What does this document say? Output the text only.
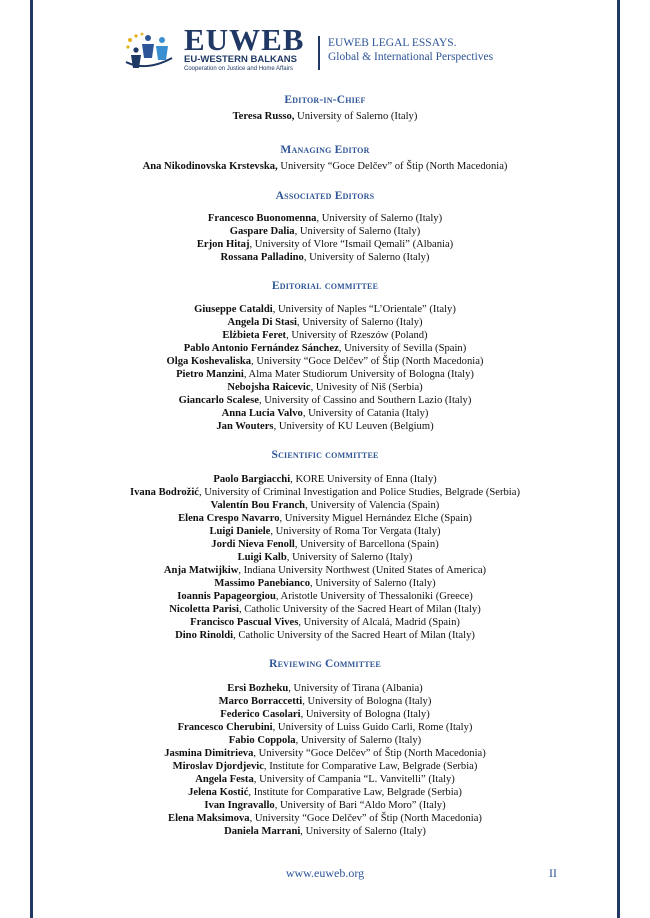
EUWEB
EU-WESTERN BALKANS
Cooperation on Justice and Home Affairs
EUWEB LEGAL ESSAYS.
Global & International Perspectives
Editor-in-Chief
Teresa Russo, University of Salerno (Italy)
Managing Editor
Ana Nikodinovska Krstevska, University “Goce Delčev” of Štip (North Macedonia)
Associated Editors
Francesco Buonomenna, University of Salerno (Italy)
Gaspare Dalia, University of Salerno (Italy)
Erjon Hitaj, University of Vlore “Ismail Qemali” (Albania)
Rossana Palladino, University of Salerno (Italy)
Editorial committee
Giuseppe Cataldi, University of Naples “L’Orientale” (Italy)
Angela Di Stasi, University of Salerno (Italy)
Elżbieta Feret, University of Rzeszów (Poland)
Pablo Antonio Fernández Sánchez, University of Sevilla (Spain)
Olga Koshevaliska, University “Goce Delčev” of Štip (North Macedonia)
Pietro Manzini, Alma Mater Studiorum University of Bologna (Italy)
Nebojsha Raicevic, Univesity of Niš (Serbia)
Giancarlo Scalese, University of Cassino and Southern Lazio (Italy)
Anna Lucia Valvo, University of Catania (Italy)
Jan Wouters, University of KU Leuven (Belgium)
Scientific committee
Paolo Bargiacchi, KORE University of Enna (Italy)
Ivana Bodrožić, University of Criminal Investigation and Police Studies, Belgrade (Serbia)
Valentín Bou Franch, University of Valencia (Spain)
Elena Crespo Navarro, University Miguel Hernández Elche (Spain)
Luigi Daniele, University of Roma Tor Vergata (Italy)
Jordi Nieva Fenoll, University of Barcellona (Spain)
Luigi Kalb, University of Salerno (Italy)
Anja Matwijkiw, Indiana University Northwest (United States of America)
Massimo Panebianco, University of Salerno (Italy)
Ioannis Papageorgiou, Aristotle University of Thessaloniki (Greece)
Nicoletta Parisi, Catholic University of the Sacred Heart of Milan (Italy)
Francisco Pascual Vives, University of Alcalá, Madrid (Spain)
Dino Rinoldi, Catholic University of the Sacred Heart of Milan (Italy)
Reviewing Committee
Ersi Bozheku, University of Tirana (Albania)
Marco Borraccetti, University of Bologna (Italy)
Federico Casolari, University of Bologna (Italy)
Francesco Cherubini, University of Luiss Guido Carli, Rome (Italy)
Fabio Coppola, University of Salerno (Italy)
Jasmina Dimitrieva, University “Goce Delčev” of Štip (North Macedonia)
Miroslav Djordjevic, Institute for Comparative Law, Belgrade (Serbia)
Angela Festa, University of Campania “L. Vanvitelli” (Italy)
Jelena Kostić, Institute for Comparative Law, Belgrade (Serbia)
Ivan Ingravallo, University of Bari “Aldo Moro” (Italy)
Elena Maksimova, University “Goce Delčev” of Štip (North Macedonia)
Daniela Marrani, University of Salerno (Italy)
www.euweb.org	II
